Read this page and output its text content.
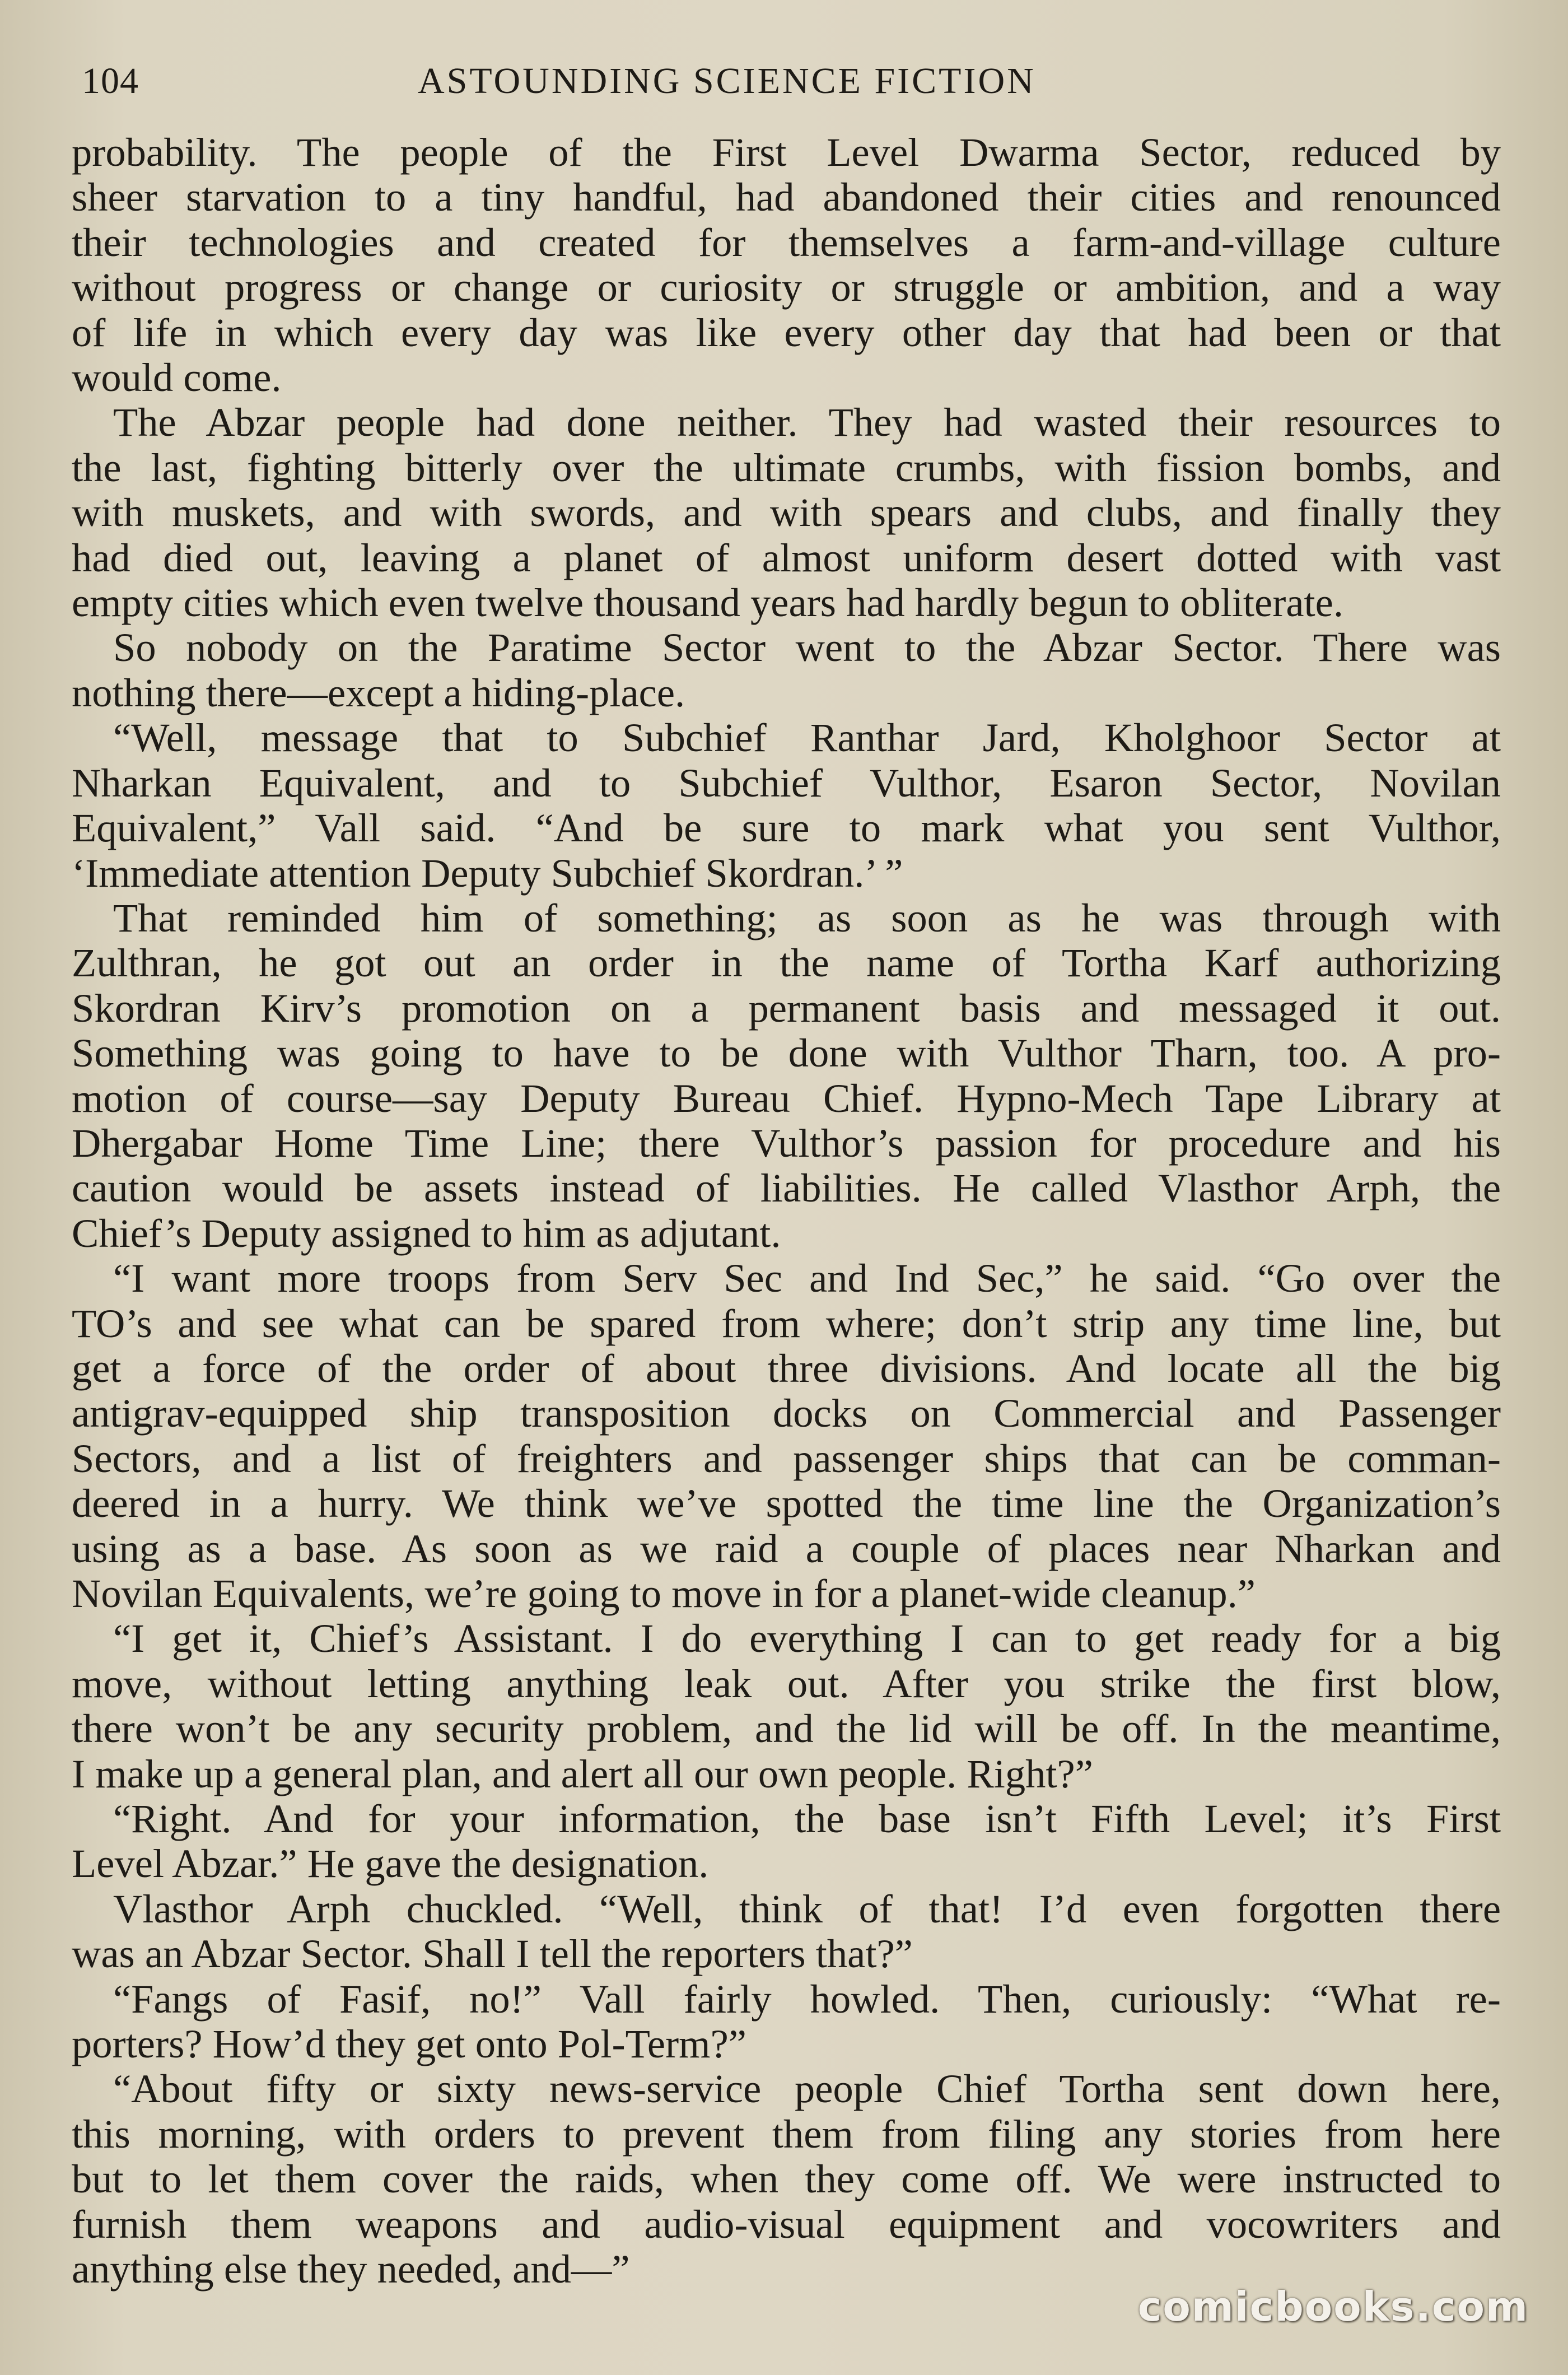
104	ASTOUNDING SCIENCE FICTION

probability. The people of the First Level Dwarma Sector, reduced by
sheer starvation to a tiny handful, had abandoned their cities and renounced
their technologies and created for themselves a farm-and-village culture
without progress or change or curiosity or struggle or ambition, and a way
of life in which every day was like every other day that had been or that
would come.

The Abzar people had done neither. They had wasted their resources to
the last, fighting bitterly over the ultimate crumbs, with fission bombs, and
with muskets, and with swords, and with spears and clubs, and finally they
had died out, leaving a planet of almost uniform desert dotted with vast
empty cities which even twelve thousand years had hardly begun to obliterate.

So nobody on the Paratime Sector went to the Abzar Sector. There was
nothing there—except a hiding-place.

“Well, message that to Subchief Ranthar Jard, Kholghoor Sector at
Nharkan Equivalent, and to Subchief Vulthor, Esaron Sector, Novilan
Equivalent,” Vall said. “And be sure to mark what you sent Vulthor,
‘Immediate attention Deputy Subchief Skordran.’ ”

That reminded him of something; as soon as he was through with
Zulthran, he got out an order in the name of Tortha Karf authorizing
Skordran Kirv’s promotion on a permanent basis and messaged it out.
Something was going to have to be done with Vulthor Tharn, too. A pro-
motion of course—say Deputy Bureau Chief. Hypno-Mech Tape Library at
Dhergabar Home Time Line; there Vulthor’s passion for procedure and his
caution would be assets instead of liabilities. He called Vlasthor Arph, the
Chief’s Deputy assigned to him as adjutant.

“I want more troops from Serv Sec and Ind Sec,” he said. “Go over the
TO’s and see what can be spared from where; don’t strip any time line, but
get a force of the order of about three divisions. And locate all the big
antigrav-equipped ship transposition docks on Commercial and Passenger
Sectors, and a list of freighters and passenger ships that can be comman-
deered in a hurry. We think we’ve spotted the time line the Organization’s
using as a base. As soon as we raid a couple of places near Nharkan and
Novilan Equivalents, we’re going to move in for a planet-wide cleanup.”

“I get it, Chief’s Assistant. I do everything I can to get ready for a big
move, without letting anything leak out. After you strike the first blow,
there won’t be any security problem, and the lid will be off. In the meantime,
I make up a general plan, and alert all our own people. Right?”

“Right. And for your information, the base isn’t Fifth Level; it’s First
Level Abzar.” He gave the designation.

Vlasthor Arph chuckled. “Well, think of that! I’d even forgotten there
was an Abzar Sector. Shall I tell the reporters that?”

“Fangs of Fasif, no!” Vall fairly howled. Then, curiously: “What re-
porters? How’d they get onto Pol-Term?”

“About fifty or sixty news-service people Chief Tortha sent down here,
this morning, with orders to prevent them from filing any stories from here
but to let them cover the raids, when they come off. We were instructed to
furnish them weapons and audio-visual equipment and vocowriters and
anything else they needed, and—”

comicbooks.com
